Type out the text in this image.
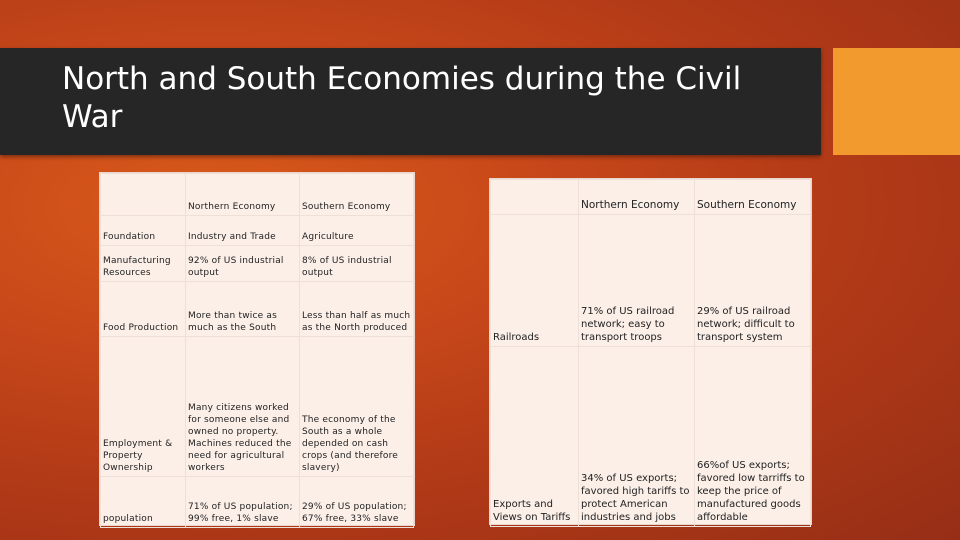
North and South Economies during the Civil War
	Northern Economy	Southern Economy
Foundation	Industry and Trade	Agriculture
Manufacturing Resources	92% of US industrial output	8% of US industrial output
Food Production	More than twice as much as the South	Less than half as much as the North produced
Employment & Property Ownership	Many citizens worked for someone else and owned no property. Machines reduced the need for agricultural workers	The economy of the South as a whole depended on cash crops (and therefore slavery)
population	71% of US population; 99% free, 1% slave	29% of US population; 67% free, 33% slave
	Northern Economy	Southern Economy
Railroads	71% of US railroad network; easy to transport troops	29% of US railroad network; difficult to transport system
Exports and Views on Tariffs	34% of US exports; favored high tariffs to protect American industries and jobs	66%of US exports; favored low tarriffs to keep the price of manufactured goods affordable
